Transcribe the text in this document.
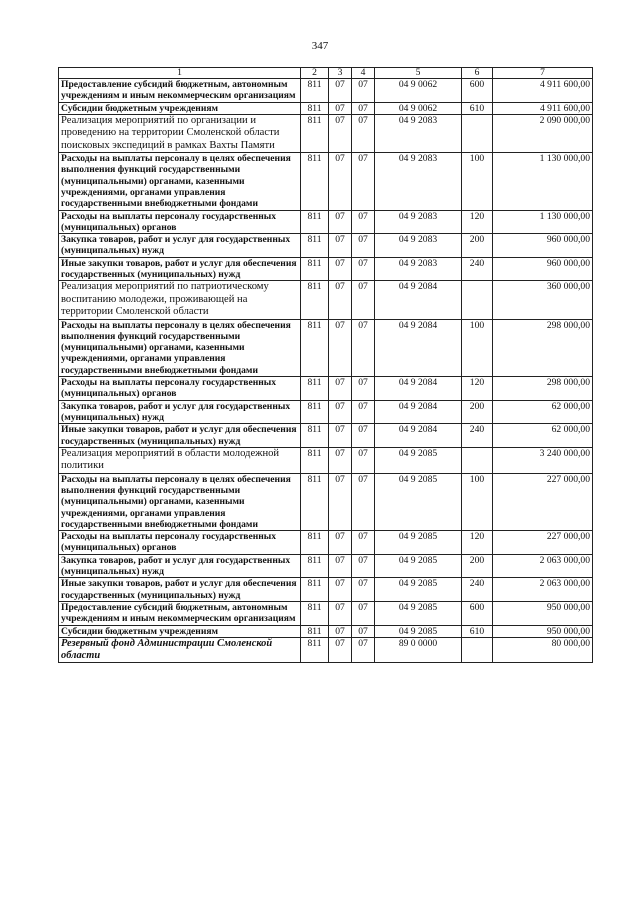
347
1	2	3	4	5	6	7
Предоставление субсидий бюджетным, автономным учреждениям и иным некоммерческим организациям	811	07	07	04 9 0062	600	4 911 600,00
Субсидии бюджетным учреждениям	811	07	07	04 9 0062	610	4 911 600,00
Реализация мероприятий по организации и проведению на территории Смоленской области поисковых экспедиций в рамках Вахты Памяти	811	07	07	04 9 2083		2 090 000,00
Расходы на выплаты персоналу в целях обеспечения выполнения функций государственными (муниципальными) органами, казенными учреждениями, органами управления государственными внебюджетными фондами	811	07	07	04 9 2083	100	1 130 000,00
Расходы на выплаты персоналу государственных (муниципальных) органов	811	07	07	04 9 2083	120	1 130 000,00
Закупка товаров, работ и услуг для государственных (муниципальных) нужд	811	07	07	04 9 2083	200	960 000,00
Иные закупки товаров, работ и услуг для обеспечения государственных (муниципальных) нужд	811	07	07	04 9 2083	240	960 000,00
Реализация мероприятий по патриотическому воспитанию молодежи, проживающей на территории Смоленской области	811	07	07	04 9 2084		360 000,00
Расходы на выплаты персоналу в целях обеспечения выполнения функций государственными (муниципальными) органами, казенными учреждениями, органами управления государственными внебюджетными фондами	811	07	07	04 9 2084	100	298 000,00
Расходы на выплаты персоналу государственных (муниципальных) органов	811	07	07	04 9 2084	120	298 000,00
Закупка товаров, работ и услуг для государственных (муниципальных) нужд	811	07	07	04 9 2084	200	62 000,00
Иные закупки товаров, работ и услуг для обеспечения государственных (муниципальных) нужд	811	07	07	04 9 2084	240	62 000,00
Реализация мероприятий в области молодежной политики	811	07	07	04 9 2085		3 240 000,00
Расходы на выплаты персоналу в целях обеспечения выполнения функций государственными (муниципальными) органами, казенными учреждениями, органами управления государственными внебюджетными фондами	811	07	07	04 9 2085	100	227 000,00
Расходы на выплаты персоналу государственных (муниципальных) органов	811	07	07	04 9 2085	120	227 000,00
Закупка товаров, работ и услуг для государственных (муниципальных) нужд	811	07	07	04 9 2085	200	2 063 000,00
Иные закупки товаров, работ и услуг для обеспечения государственных (муниципальных) нужд	811	07	07	04 9 2085	240	2 063 000,00
Предоставление субсидий бюджетным, автономным учреждениям и иным некоммерческим организациям	811	07	07	04 9 2085	600	950 000,00
Субсидии бюджетным учреждениям	811	07	07	04 9 2085	610	950 000,00
Резервный фонд Администрации Смоленской области	811	07	07	89 0 0000		80 000,00
